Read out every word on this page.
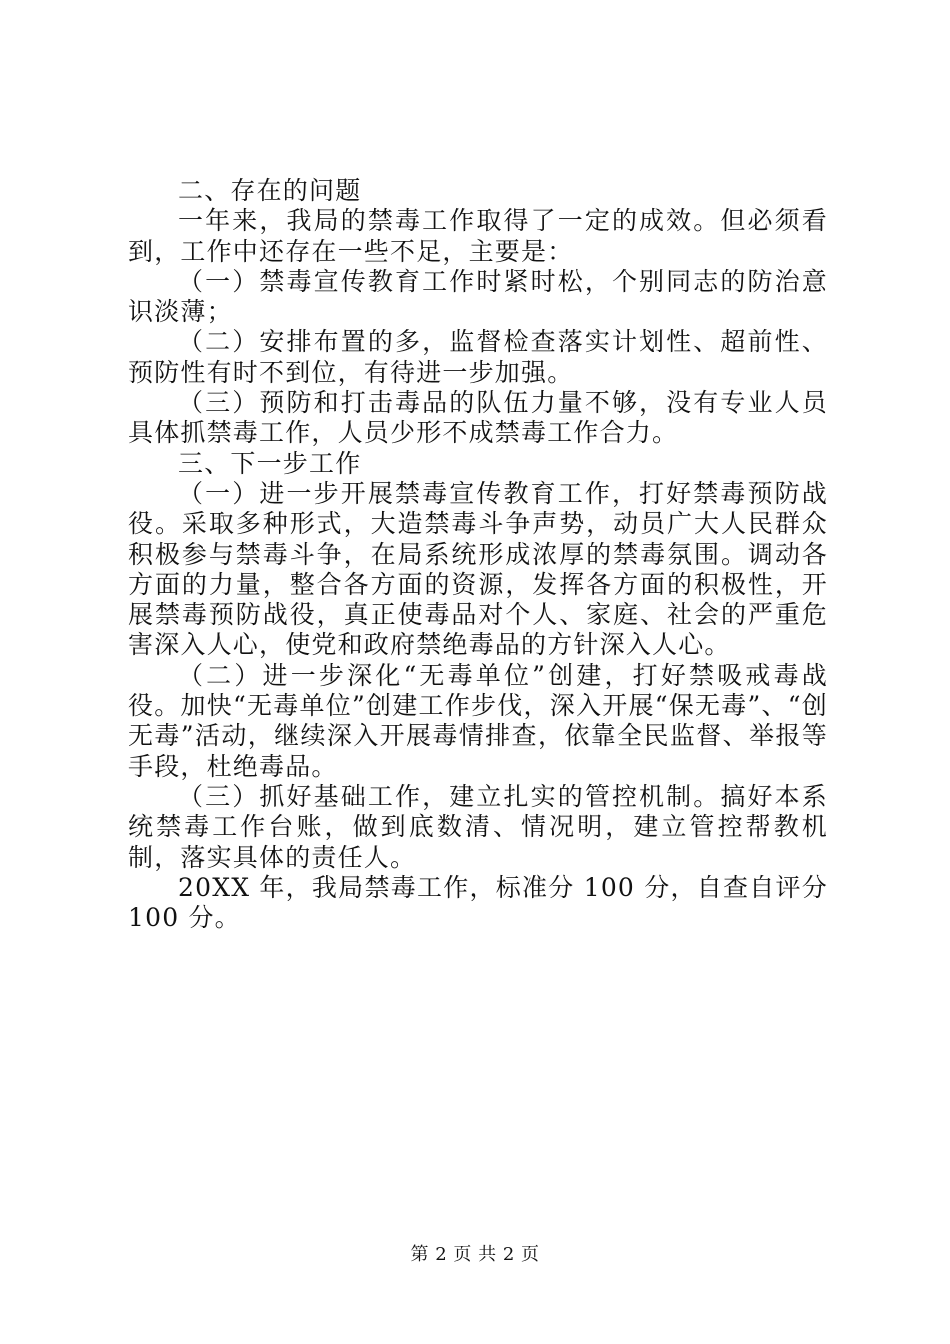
二、存在的问题

一年来，我局的禁毒工作取得了一定的成效。但必须看到，工作中还存在一些不足，主要是：

（一）禁毒宣传教育工作时紧时松，个别同志的防治意识淡薄；

（二）安排布置的多，监督检查落实计划性、超前性、预防性有时不到位，有待进一步加强。

（三）预防和打击毒品的队伍力量不够，没有专业人员具体抓禁毒工作，人员少形不成禁毒工作合力。

三、下一步工作

（一）进一步开展禁毒宣传教育工作，打好禁毒预防战役。采取多种形式，大造禁毒斗争声势，动员广大人民群众积极参与禁毒斗争，在局系统形成浓厚的禁毒氛围。调动各方面的力量，整合各方面的资源，发挥各方面的积极性，开展禁毒预防战役，真正使毒品对个人、家庭、社会的严重危害深入人心，使党和政府禁绝毒品的方针深入人心。

（二）进一步深化“无毒单位”创建，打好禁吸戒毒战役。加快“无毒单位”创建工作步伐，深入开展“保无毒”、“创无毒”活动，继续深入开展毒情排查，依靠全民监督、举报等手段，杜绝毒品。

（三）抓好基础工作，建立扎实的管控机制。搞好本系统禁毒工作台账，做到底数清、情况明，建立管控帮教机制，落实具体的责任人。

20XX 年，我局禁毒工作，标准分 100 分，自查自评分 100 分。

第 2 页 共 2 页
